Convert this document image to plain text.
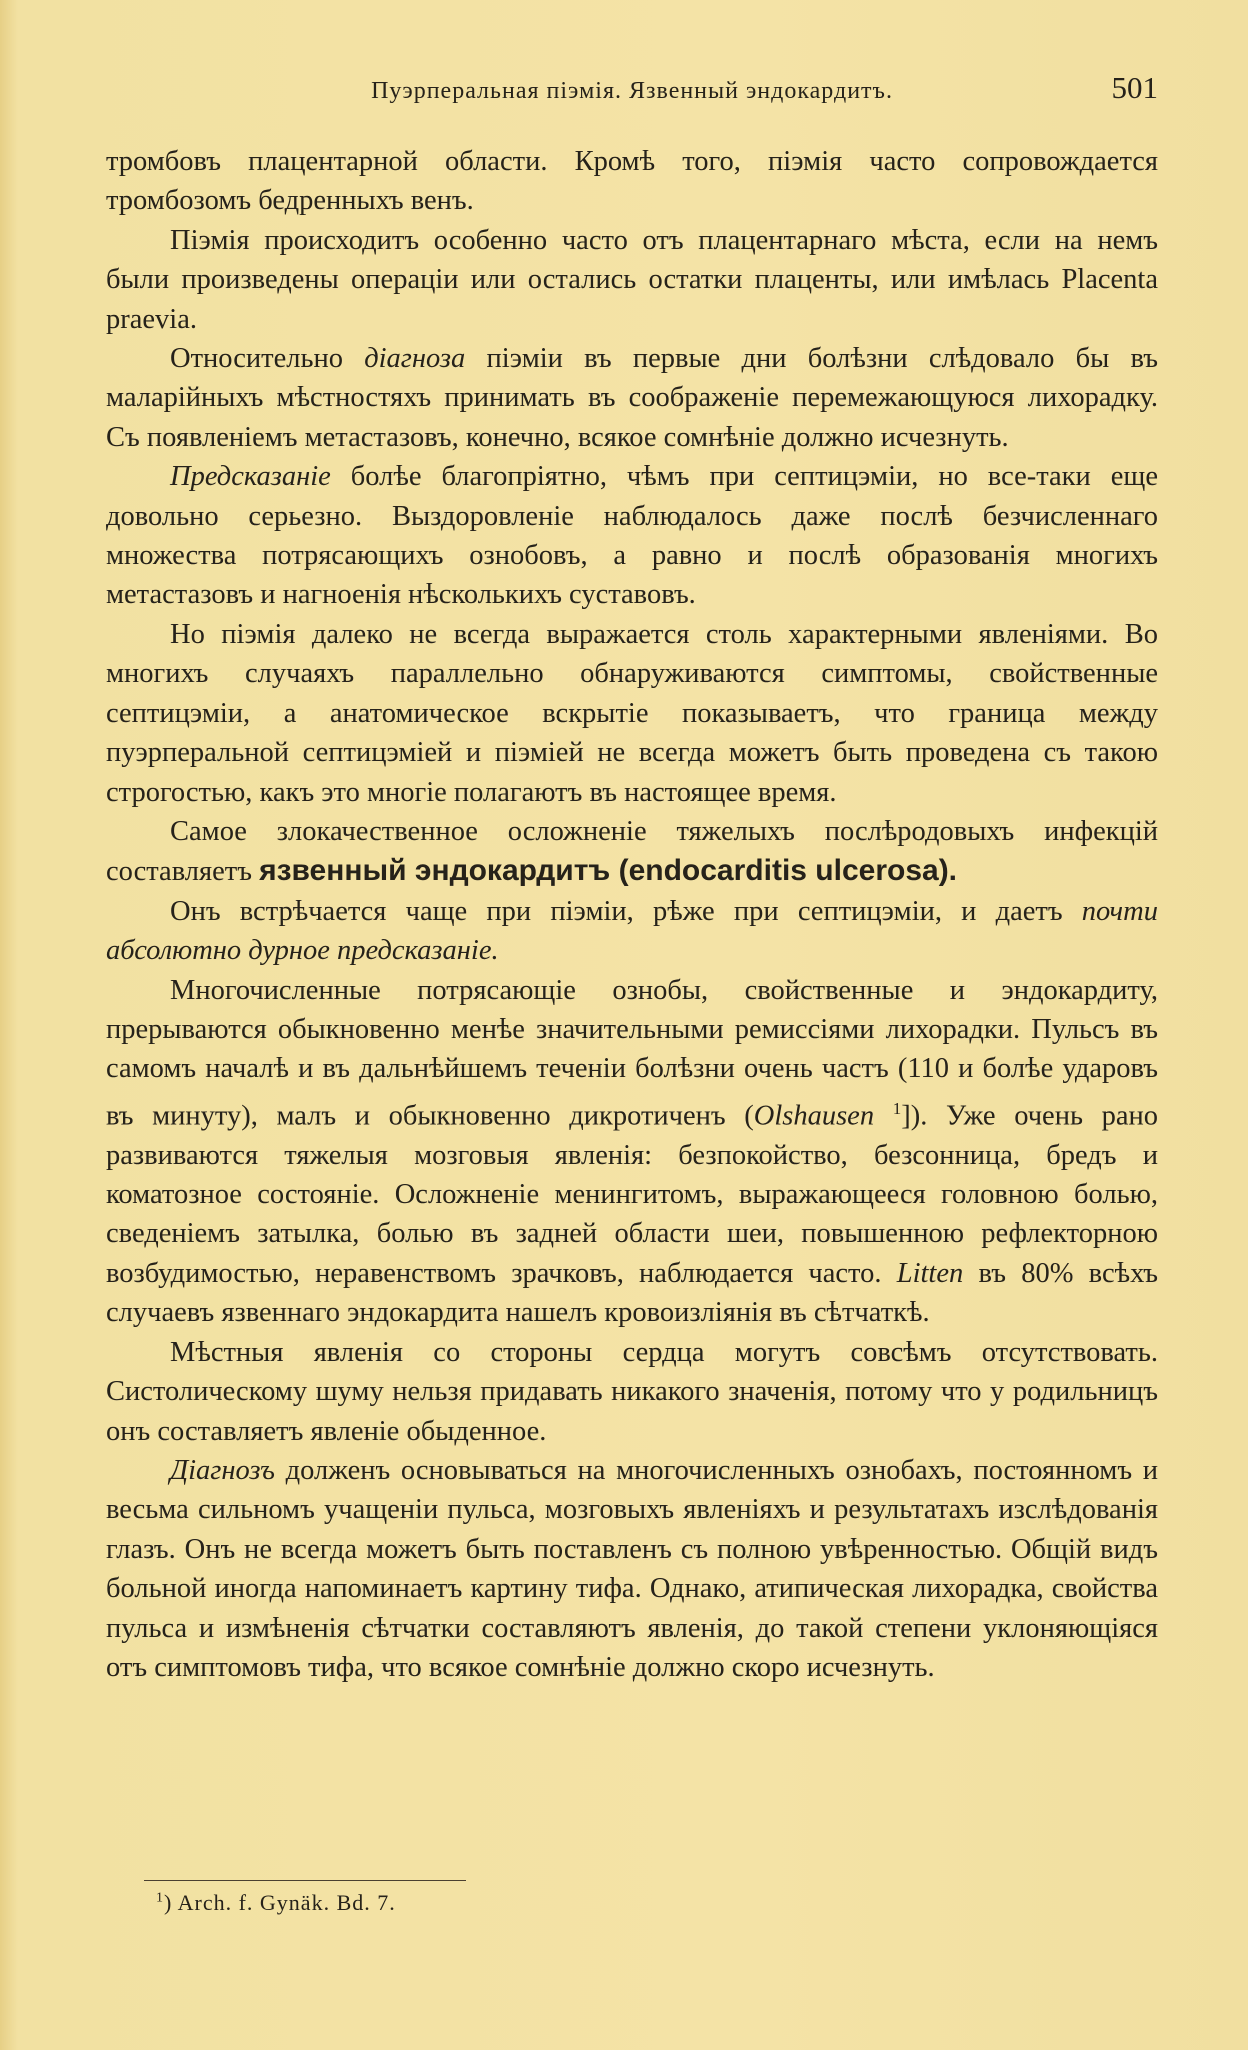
Пуэрперальная піэмія. Язвенный эндокардитъ.	501

тромбовъ плацентарной области. Кромѣ того, піэмія часто сопровождается тромбозомъ бедренныхъ венъ.

Піэмія происходитъ особенно часто отъ плацентарнаго мѣста, если на немъ были произведены операціи или остались остатки плаценты, или имѣлась Placenta praevia.

Относительно діагноза піэміи въ первые дни болѣзни слѣдовало бы въ маларійныхъ мѣстностяхъ принимать въ соображеніе перемежающуюся лихорадку. Съ появленіемъ метастазовъ, конечно, всякое сомнѣніе должно исчезнуть.

Предсказаніе болѣе благопріятно, чѣмъ при септицэміи, но все-таки еще довольно серьезно. Выздоровленіе наблюдалось даже послѣ безчисленнаго множества потрясающихъ ознобовъ, а равно и послѣ образованія многихъ метастазовъ и нагноенія нѣсколькихъ суставовъ.

Но піэмія далеко не всегда выражается столь характерными явленіями. Во многихъ случаяхъ параллельно обнаруживаются симптомы, свойственные септицэміи, а анатомическое вскрытіе показываетъ, что граница между пуэрперальной септицэміей и піэміей не всегда можетъ быть проведена съ такою строгостью, какъ это многіе полагаютъ въ настоящее время.

Самое злокачественное осложненіе тяжелыхъ послѣродовыхъ инфекцій составляетъ язвенный эндокардитъ (endocarditis ulcerosa).

Онъ встрѣчается чаще при піэміи, рѣже при септицэміи, и даетъ почти абсолютно дурное предсказаніе.

Многочисленные потрясающіе ознобы, свойственные и эндокардиту, прерываются обыкновенно менѣе значительными ремиссіями лихорадки. Пульсъ въ самомъ началѣ и въ дальнѣйшемъ теченіи болѣзни очень частъ (110 и болѣе ударовъ въ минуту), малъ и обыкновенно дикротиченъ (Olshausen $^1$]). Уже очень рано развиваются тяжелыя мозговыя явленія: безпокойство, безсонница, бредъ и коматозное состояніе. Осложненіе менингитомъ, выражающееся головною болью, сведеніемъ затылка, болью въ задней области шеи, повышенною рефлекторною возбудимостью, неравенствомъ зрачковъ, наблюдается часто. Litten въ 80% всѣхъ случаевъ язвеннаго эндокардита нашелъ кровоизліянія въ сѣтчаткѣ.

Мѣстныя явленія со стороны сердца могутъ совсѣмъ отсутствовать. Систолическому шуму нельзя придавать никакого значенія, потому что у родильницъ онъ составляетъ явленіе обыденное.

Діагнозъ долженъ основываться на многочисленныхъ ознобахъ, постоянномъ и весьма сильномъ учащеніи пульса, мозговыхъ явленіяхъ и результатахъ изслѣдованія глазъ. Онъ не всегда можетъ быть поставленъ съ полною увѣренностью. Общій видъ больной иногда напоминаетъ картину тифа. Однако, атипическая лихорадка, свойства пульса и измѣненія сѣтчатки составляютъ явленія, до такой степени уклоняющіяся отъ симптомовъ тифа, что всякое сомнѣніе должно скоро исчезнуть.

$^1$) Arch. f. Gynäk. Bd. 7.
